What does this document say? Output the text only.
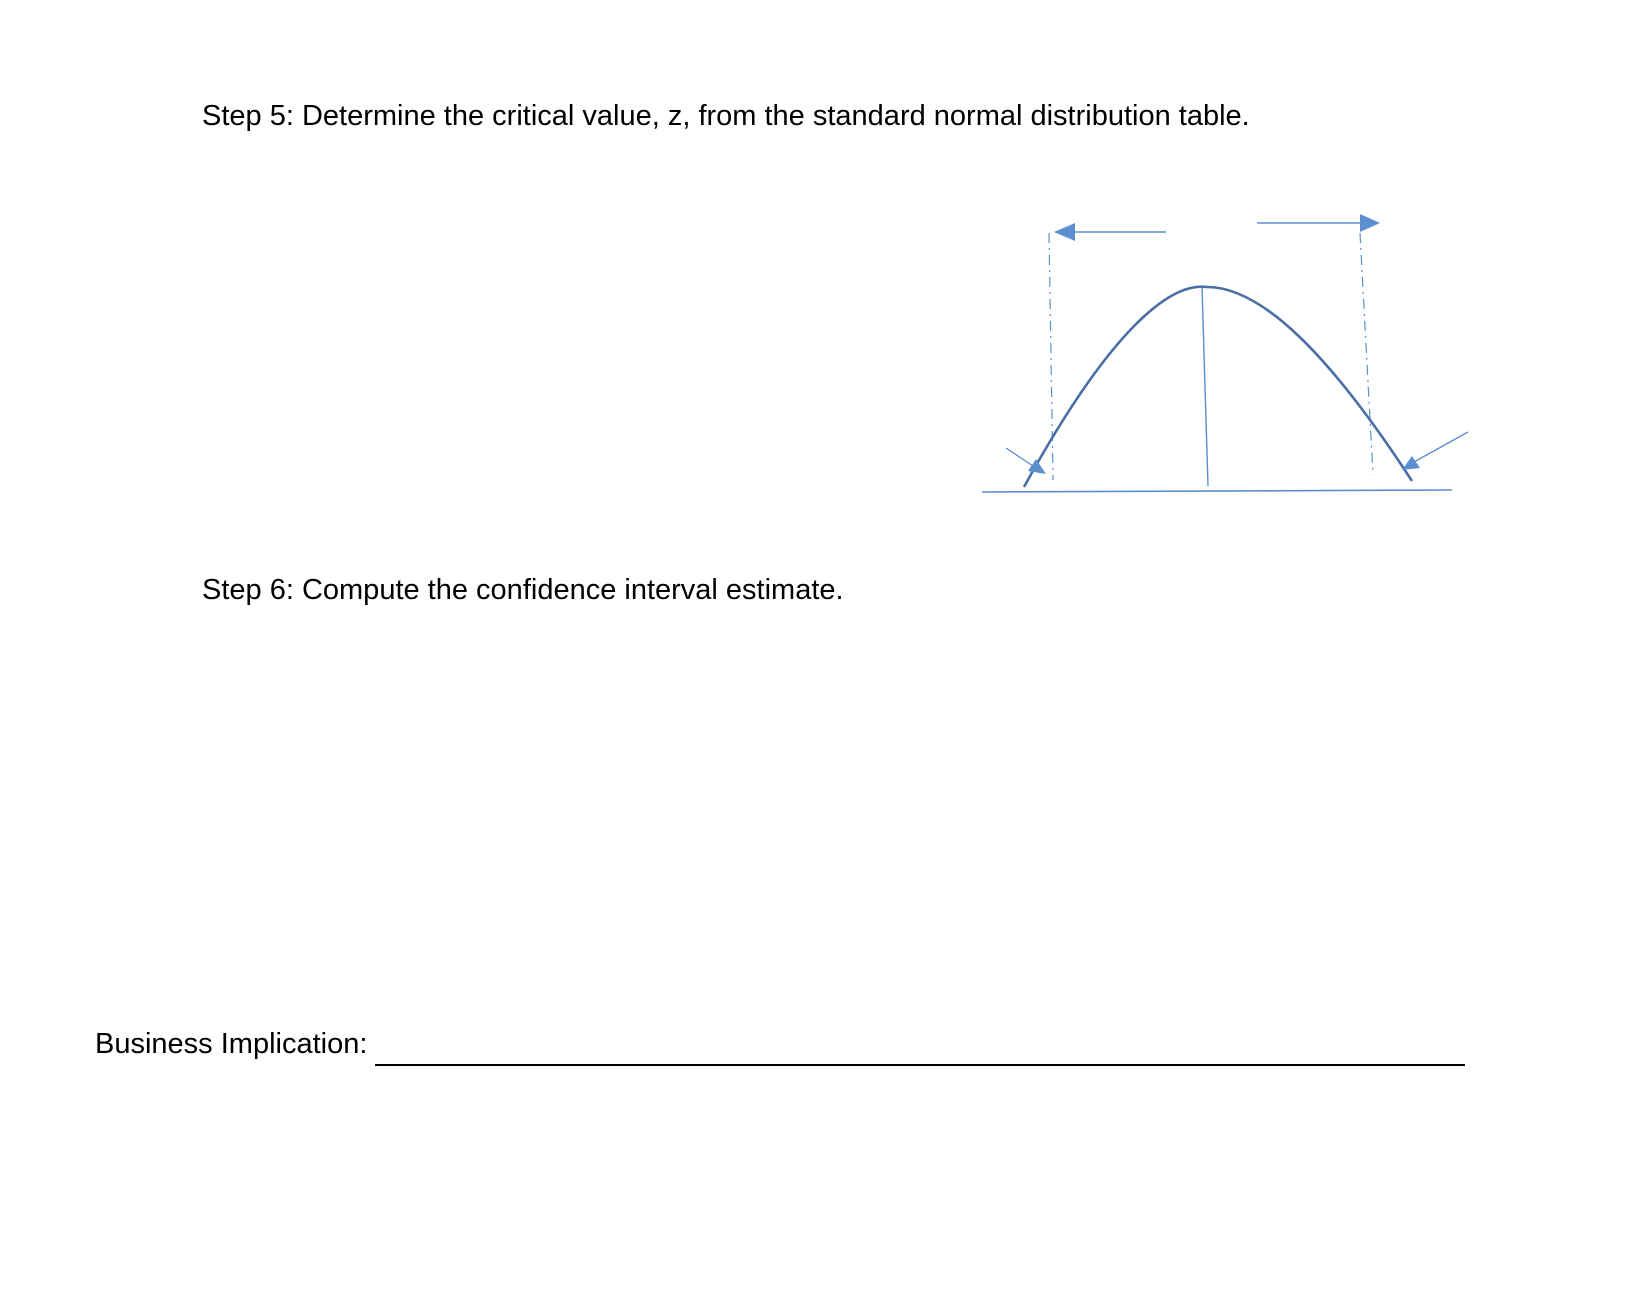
Step 5: Determine the critical value, z, from the standard normal distribution table.
Step 6: Compute the confidence interval estimate.
Business Implication:
